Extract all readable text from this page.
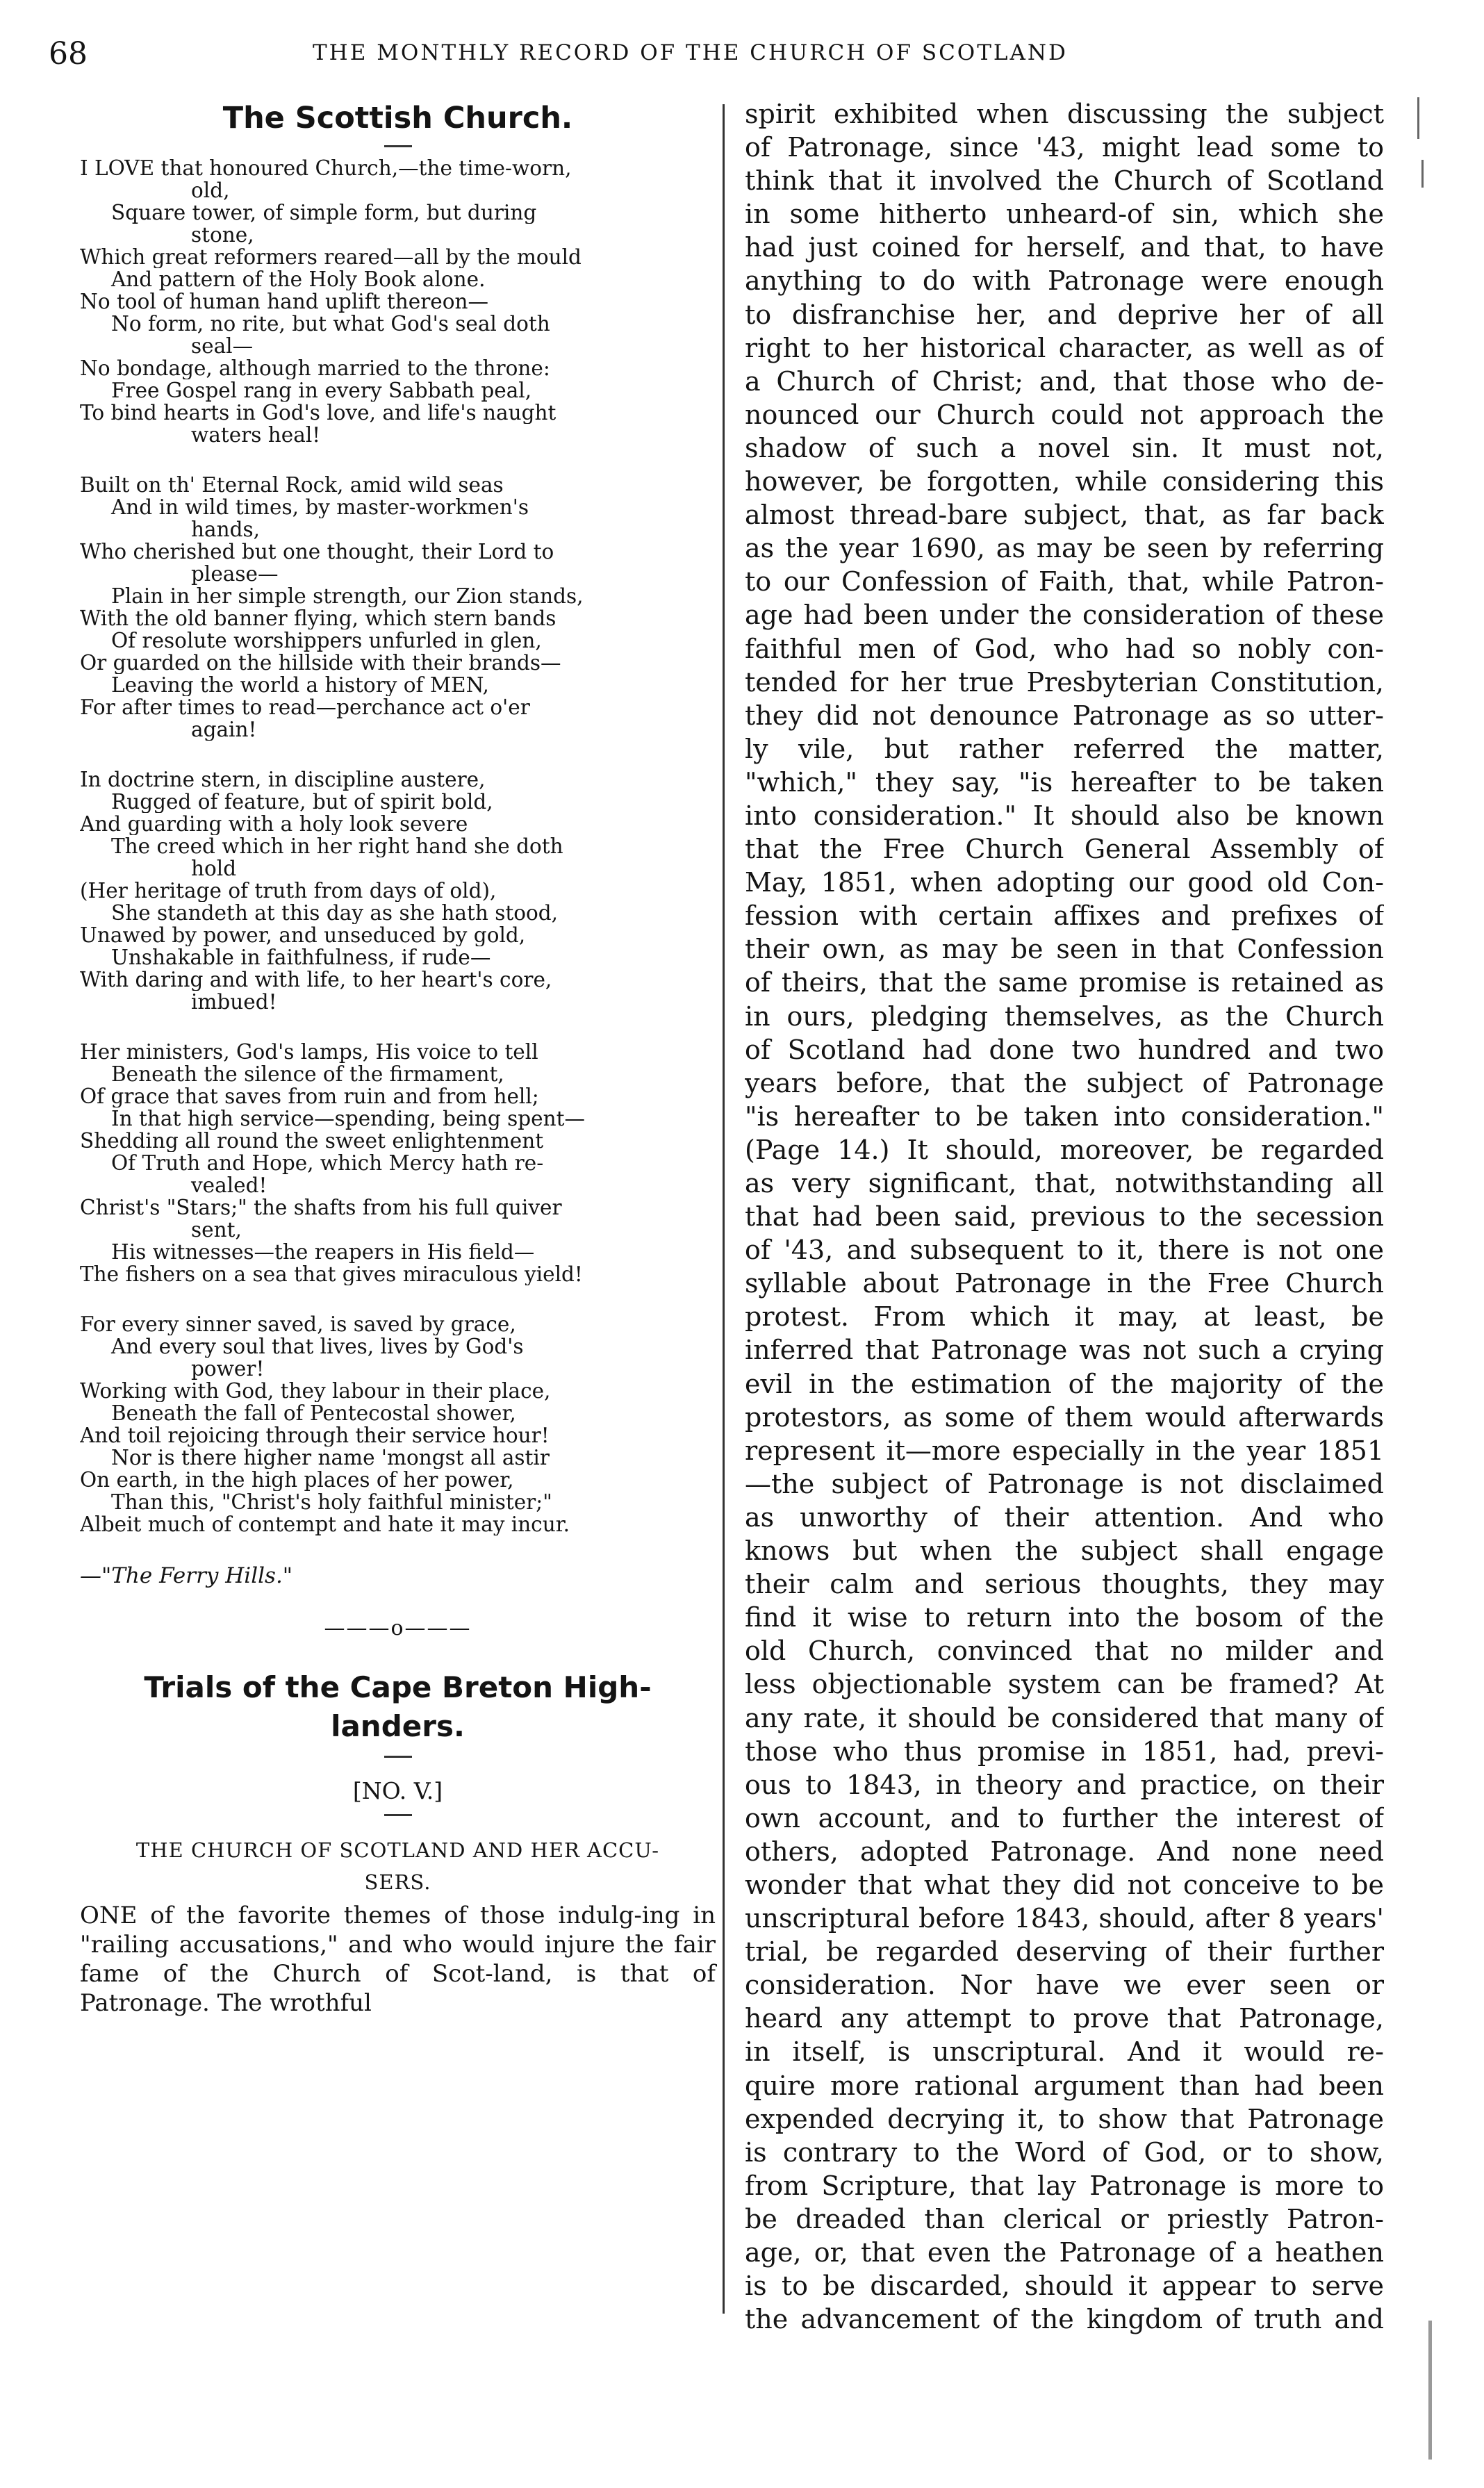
68	THE MONTHLY RECORD OF THE CHURCH OF SCOTLAND
The Scottish Church.

I LOVE that honoured Church,—the time-worn,

old,

Square tower, of simple form, but during

stone,

Which great reformers reared—all by the mould

And pattern of the Holy Book alone.

No tool of human hand uplift thereon—

No form, no rite, but what God's seal doth

seal—

No bondage, although married to the throne:

Free Gospel rang in every Sabbath peal,

To bind hearts in God's love, and life's naught

waters heal!

Built on th' Eternal Rock, amid wild seas

And in wild times, by master-workmen's

hands,

Who cherished but one thought, their Lord to

please—

Plain in her simple strength, our Zion stands,

With the old banner flying, which stern bands

Of resolute worshippers unfurled in glen,

Or guarded on the hillside with their brands—

Leaving the world a history of MEN,

For after times to read—perchance act o'er

again!

In doctrine stern, in discipline austere,

Rugged of feature, but of spirit bold,

And guarding with a holy look severe

The creed which in her right hand she doth

hold

(Her heritage of truth from days of old),

She standeth at this day as she hath stood,

Unawed by power, and unseduced by gold,

Unshakable in faithfulness, if rude—

With daring and with life, to her heart's core,

imbued!

Her ministers, God's lamps, His voice to tell

Beneath the silence of the firmament,

Of grace that saves from ruin and from hell;

In that high service—spending, being spent—

Shedding all round the sweet enlightenment

Of Truth and Hope, which Mercy hath re-

vealed!

Christ's "Stars;" the shafts from his full quiver

sent,

His witnesses—the reapers in His field—

The fishers on a sea that gives miraculous yield!

For every sinner saved, is saved by grace,

And every soul that lives, lives by God's

power!

Working with God, they labour in their place,

Beneath the fall of Pentecostal shower,

And toil rejoicing through their service hour!

Nor is there higher name 'mongst all astir

On earth, in the high places of her power,

Than this, "Christ's holy faithful minister;"

Albeit much of contempt and hate it may incur.

—"The Ferry Hills."
———o———
Trials of the Cape Breton High-
landers.
[NO. V.]
THE CHURCH OF SCOTLAND AND HER ACCU-
SERS.

ONE of the favorite themes of those indulg-ing in "railing accusations," and who would injure the fair fame of the Church of Scot-land, is that of Patronage. The wrothful

spirit exhibited when discussing the subject

of Patronage, since '43, might lead some to

think that it involved the Church of Scotland

in some hitherto unheard-of sin, which she

had just coined for herself, and that, to have

anything to do with Patronage were enough

to disfranchise her, and deprive her of all

right to her historical character, as well as of

a Church of Christ; and, that those who de-

nounced our Church could not approach the

shadow of such a novel sin. It must not,

however, be forgotten, while considering this

almost thread-bare subject, that, as far back

as the year 1690, as may be seen by referring

to our Confession of Faith, that, while Patron-

age had been under the consideration of these

faithful men of God, who had so nobly con-

tended for her true Presbyterian Constitution,

they did not denounce Patronage as so utter-

ly vile, but rather referred the matter,

"which," they say, "is hereafter to be taken

into consideration." It should also be known

that the Free Church General Assembly of

May, 1851, when adopting our good old Con-

fession with certain affixes and prefixes of

their own, as may be seen in that Confession

of theirs, that the same promise is retained as

in ours, pledging themselves, as the Church

of Scotland had done two hundred and two

years before, that the subject of Patronage

"is hereafter to be taken into consideration."

(Page 14.) It should, moreover, be regarded

as very significant, that, notwithstanding all

that had been said, previous to the secession

of '43, and subsequent to it, there is not one

syllable about Patronage in the Free Church

protest. From which it may, at least, be

inferred that Patronage was not such a crying

evil in the estimation of the majority of the

protestors, as some of them would afterwards

represent it—more especially in the year 1851

—the subject of Patronage is not disclaimed

as unworthy of their attention. And who

knows but when the subject shall engage

their calm and serious thoughts, they may

find it wise to return into the bosom of the

old Church, convinced that no milder and

less objectionable system can be framed? At

any rate, it should be considered that many of

those who thus promise in 1851, had, previ-

ous to 1843, in theory and practice, on their

own account, and to further the interest of

others, adopted Patronage. And none need

wonder that what they did not conceive to be

unscriptural before 1843, should, after 8 years'

trial, be regarded deserving of their further

consideration. Nor have we ever seen or

heard any attempt to prove that Patronage,

in itself, is unscriptural. And it would re-

quire more rational argument than had been

expended decrying it, to show that Patronage

is contrary to the Word of God, or to show,

from Scripture, that lay Patronage is more to

be dreaded than clerical or priestly Patron-

age, or, that even the Patronage of a heathen

is to be discarded, should it appear to serve

the advancement of the kingdom of truth and
